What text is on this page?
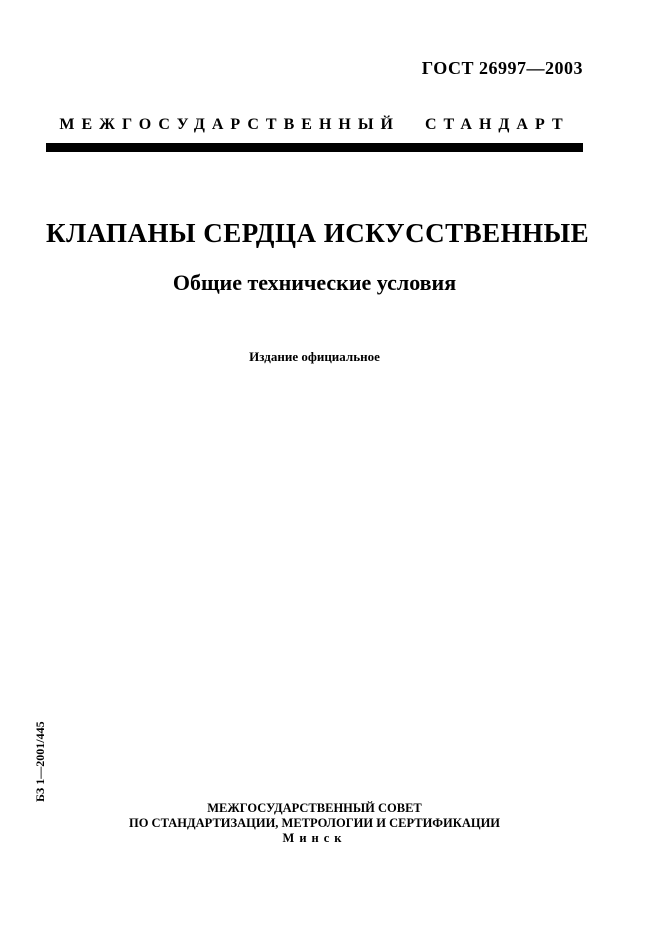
ГОСТ 26997—2003
МЕЖГОСУДАРСТВЕННЫЙ СТАНДАРТ
КЛАПАНЫ СЕРДЦА ИСКУССТВЕННЫЕ
Общие технические условия
Издание официальное
БЗ 1—2001/445
МЕЖГОСУДАРСТВЕННЫЙ СОВЕТ
ПО СТАНДАРТИЗАЦИИ, МЕТРОЛОГИИ И СЕРТИФИКАЦИИ
Минск
